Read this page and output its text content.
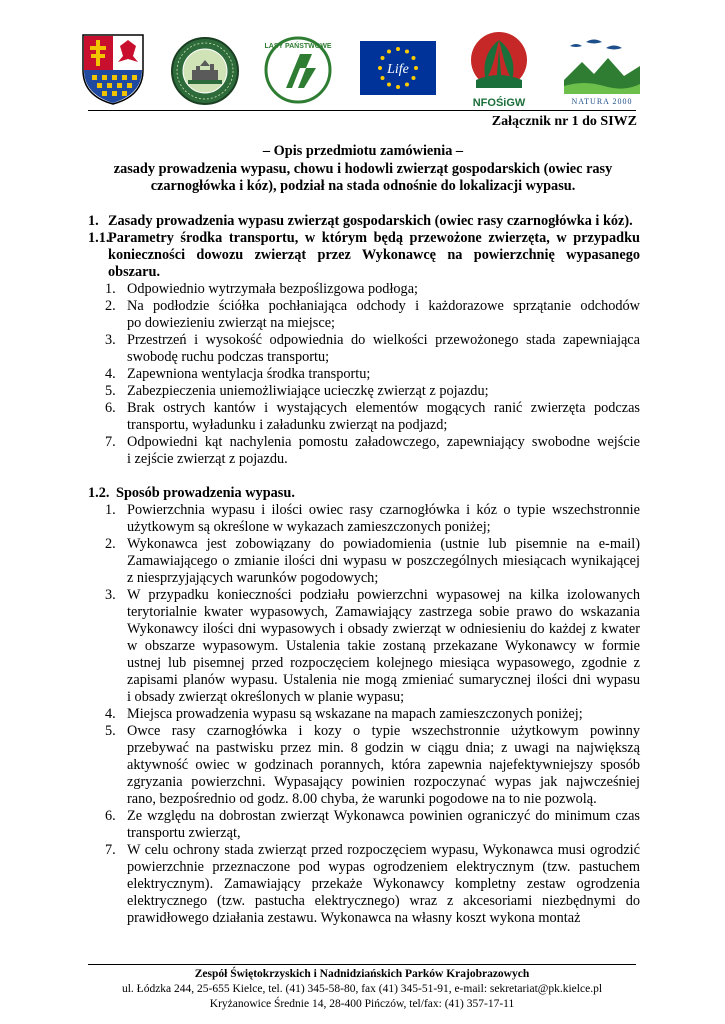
LASY PAŃSTWOWE
Life
NFOŚiGW	NATURA 2000
Załącznik nr 1 do SIWZ
– Opis przedmiotu zamówienia –
zasady prowadzenia wypasu, chowu i hodowli zwierząt gospodarskich (owiec rasy
czarnogłówka i kóz), podział na stada odnośnie do lokalizacji wypasu.
1. Zasady prowadzenia wypasu zwierząt gospodarskich (owiec rasy czarnogłówka i kóz).
1.1.
Parametry środka transportu, w którym będą przewożone zwierzęta, w przypadku
konieczności dowozu zwierząt przez Wykonawcę na powierzchnię wypasanego
obszaru.
1. Odpowiednio wytrzymała bezpoślizgowa podłoga;
2. Na podłodzie ściółka pochłaniająca odchody i każdorazowe sprzątanie odchodów
po dowiezieniu zwierząt na miejsce;
3. Przestrzeń i wysokość odpowiednia do wielkości przewożonego stada zapewniająca
swobodę ruchu podczas transportu;
4. Zapewniona wentylacja środka transportu;
5. Zabezpieczenia uniemożliwiające ucieczkę zwierząt z pojazdu;
6. Brak ostrych kantów i wystających elementów mogących ranić zwierzęta podczas
transportu, wyładunku i załadunku zwierząt na podjazd;
7. Odpowiedni kąt nachylenia pomostu załadowczego, zapewniający swobodne wejście
i zejście zwierząt z pojazdu.
1.2. Sposób prowadzenia wypasu.
1. Powierzchnia wypasu i ilości owiec rasy czarnogłówka i kóz o typie wszechstronnie
użytkowym są określone w wykazach zamieszczonych poniżej;
2. Wykonawca jest zobowiązany do powiadomienia (ustnie lub pisemnie na e-mail)
Zamawiającego o zmianie ilości dni wypasu w poszczególnych miesiącach wynikającej
z niesprzyjających warunków pogodowych;
3. W przypadku konieczności podziału powierzchni wypasowej na kilka izolowanych
terytorialnie kwater wypasowych, Zamawiający zastrzega sobie prawo do wskazania
Wykonawcy ilości dni wypasowych i obsady zwierząt w odniesieniu do każdej z kwater
w obszarze wypasowym. Ustalenia takie zostaną przekazane Wykonawcy w formie
ustnej lub pisemnej przed rozpoczęciem kolejnego miesiąca wypasowego, zgodnie z
zapisami planów wypasu. Ustalenia nie mogą zmieniać sumarycznej ilości dni wypasu
i obsady zwierząt określonych w planie wypasu;
4. Miejsca prowadzenia wypasu są wskazane na mapach zamieszczonych poniżej;
5. Owce rasy czarnogłówka i kozy o typie wszechstronnie użytkowym powinny
przebywać na pastwisku przez min. 8 godzin w ciągu dnia; z uwagi na największą
aktywność owiec w godzinach porannych, która zapewnia najefektywniejszy sposób
zgryzania powierzchni. Wypasający powinien rozpoczynać wypas jak najwcześniej
rano, bezpośrednio od godz. 8.00 chyba, że warunki pogodowe na to nie pozwolą.
6. Ze względu na dobrostan zwierząt Wykonawca powinien ograniczyć do minimum czas
transportu zwierząt,
7. W celu ochrony stada zwierząt przed rozpoczęciem wypasu, Wykonawca musi ogrodzić
powierzchnie przeznaczone pod wypas ogrodzeniem elektrycznym (tzw. pastuchem
elektrycznym). Zamawiający przekaże Wykonawcy kompletny zestaw ogrodzenia
elektrycznego (tzw. pastucha elektrycznego) wraz z akcesoriami niezbędnymi do
prawidłowego działania zestawu. Wykonawca na własny koszt wykona montaż
Zespół Świętokrzyskich i Nadnidziańskich Parków Krajobrazowych
ul. Łódzka 244, 25-655 Kielce, tel. (41) 345-58-80, fax (41) 345-51-91, e-mail: sekretariat@pk.kielce.pl
Kryżanowice Średnie 14, 28-400 Pińczów, tel/fax: (41) 357-17-11
